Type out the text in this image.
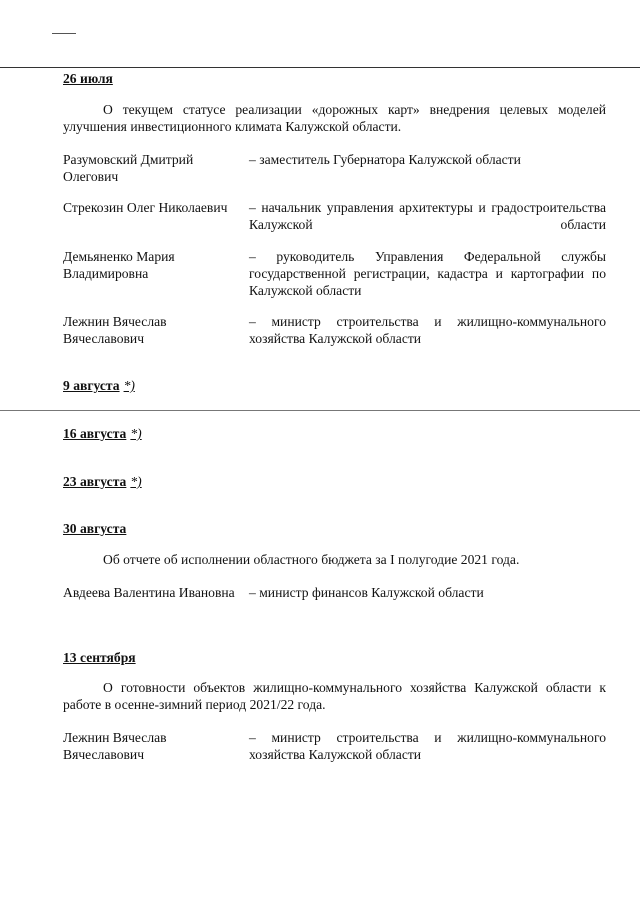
26 июля
О текущем статусе реализации «дорожных карт» внедрения целевых моделей улучшения инвестиционного климата Калужской области.
Разумовский Дмитрий Олегович
– заместитель Губернатора Калужской области
Стрекозин Олег Николаевич	– начальник управления архитектуры и градостроительства Калужской области
Демьяненко Мария Владимировна
– руководитель Управления Федеральной службы государственной регистрации, кадастра и картографии по Калужской области
Лежнин Вячеслав Вячеславович
– министр строительства и жилищно-коммунального хозяйства Калужской области
9 августа *)
16 августа *)
23 августа *)
30 августа
Об отчете об исполнении областного бюджета за I полугодие 2021 года.
Авдеева Валентина Ивановна	– министр финансов Калужской области
13 сентября
О готовности объектов жилищно-коммунального хозяйства Калужской области к работе в осенне-зимний период 2021/22 года.
Лежнин Вячеслав Вячеславович
– министр строительства и жилищно-коммунального хозяйства Калужской области
